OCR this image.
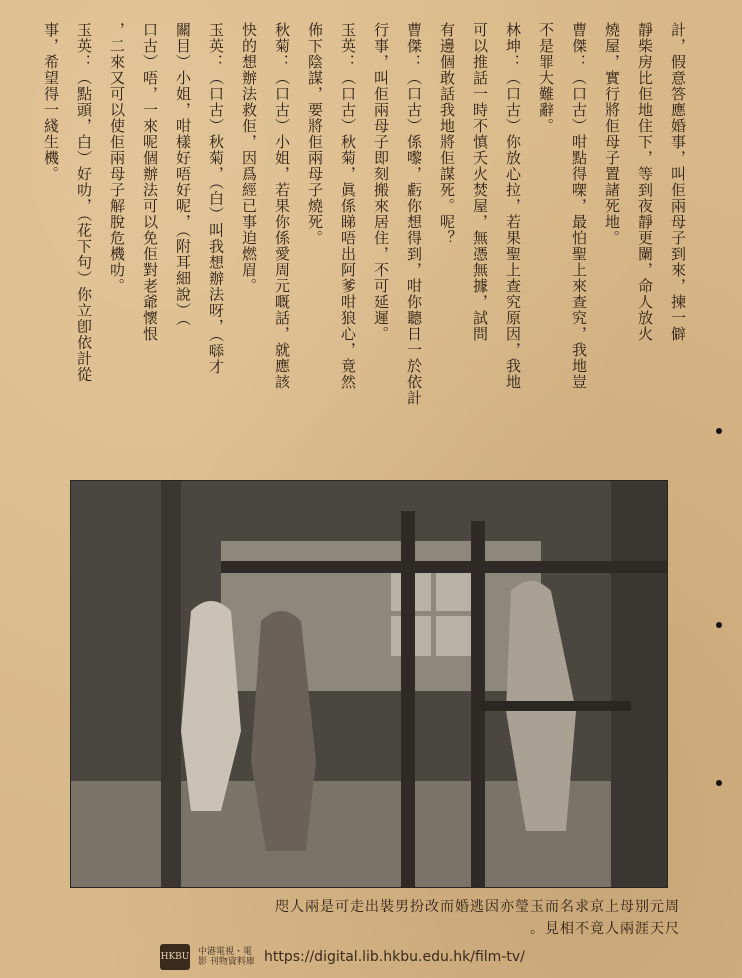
計，假意答應婚事，叫佢兩母子到來，揀一僻
靜柴房比佢地住下，等到夜靜更闌，命人放火
燒屋，實行將佢母子置諸死地。
曹傑：（口古）咁點得㗎，最怕聖上來查究，我地豈
不是罪大難辭。
林坤：（口古）你放心拉，若果聖上查究原因，我地
可以推話一時不慎夭火焚屋，無憑無據，試問
有邊個敢話我地將佢謀死。呢？
曹傑：（口古）係嚟，虧你想得到，咁你聽日一於依計
行事，叫佢兩母子即刻搬來居住，不可延遲。
玉英：（口古）秋菊，眞係睇唔出阿爹咁狼心，竟然
佈下陰謀，要將佢兩母子燒死。
秋菊：（口古）小姐，若果你係愛周元嘅話，就應該
快的想辦法救佢，因爲經已事迫燃眉。
玉英：（口古）秋菊，（白）叫我想辦法呀，（𠻹才
關目）小姐，咁樣好唔好呢，（附耳細說）（
口古）唔，一來呢個辦法可以免佢對老爺懷恨
，二來又可以使佢兩母子解脫危機叻。
玉英：（點頭，白）好叻，（花下句）你立卽依計從
事，希望得一綫生機。
周元別母上京求名而玉瑩亦因逃婚而改扮男裝出走可是兩人咫
尺天涯兩人竟不相見。
HKBU 中港電視・電影 刊物資料庫 https://digital.lib.hkbu.edu.hk/film-tv/
